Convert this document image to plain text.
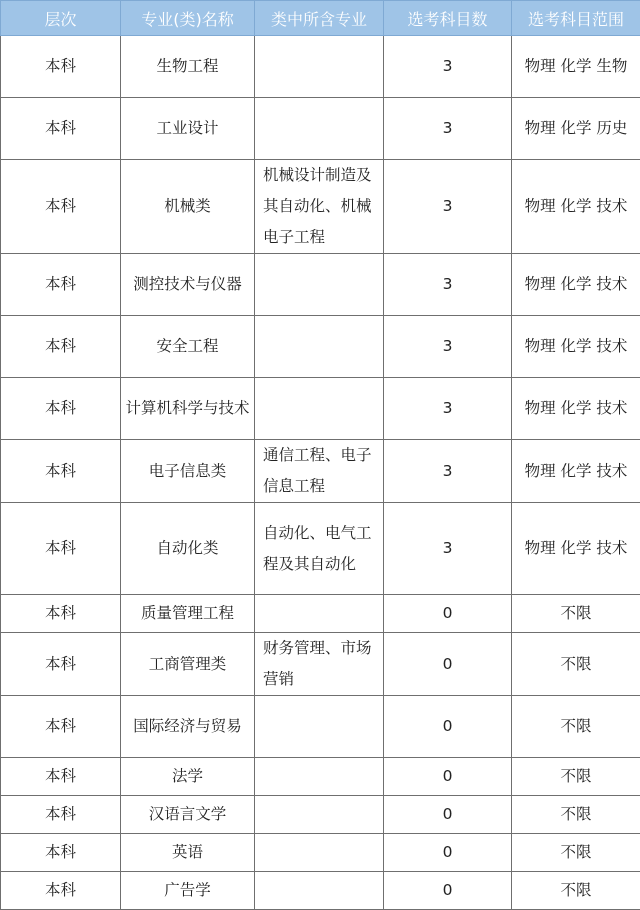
层次	专业(类)名称	类中所含专业	选考科目数	选考科目范围
本科	生物工程		3	物理 化学 生物
本科	工业设计		3	物理 化学 历史
本科	机械类	机械设计制造及其自动化、机械电子工程	3	物理 化学 技术
本科	测控技术与仪器		3	物理 化学 技术
本科	安全工程		3	物理 化学 技术
本科	计算机科学与技术		3	物理 化学 技术
本科	电子信息类	通信工程、电子信息工程	3	物理 化学 技术
本科	自动化类	自动化、电气工程及其自动化	3	物理 化学 技术
本科	质量管理工程		0	不限
本科	工商管理类	财务管理、市场营销	0	不限
本科	国际经济与贸易		0	不限
本科	法学		0	不限
本科	汉语言文学		0	不限
本科	英语		0	不限
本科	广告学		0	不限
